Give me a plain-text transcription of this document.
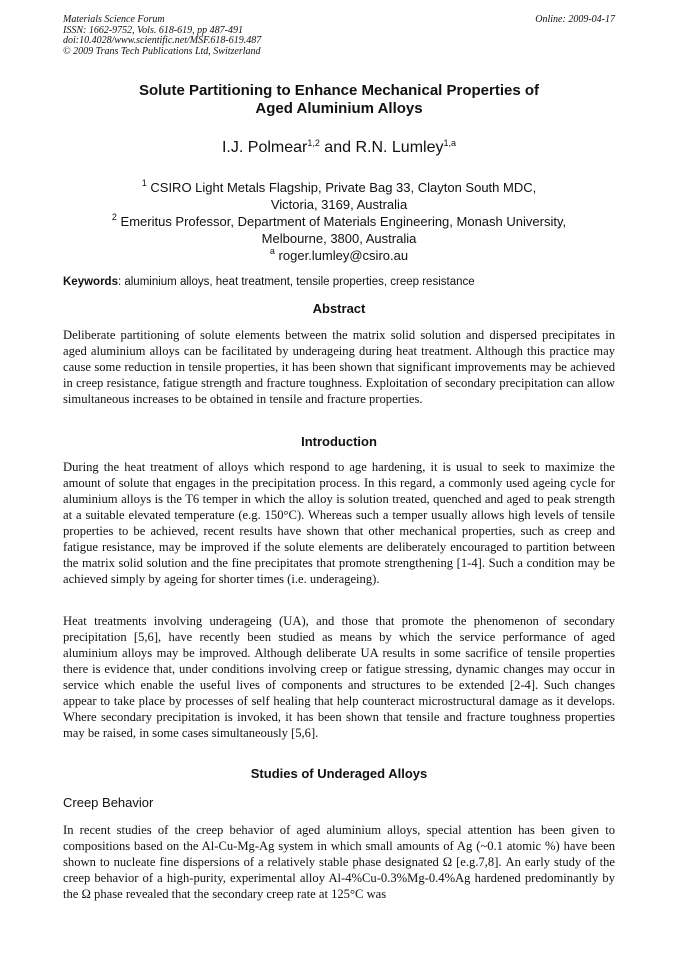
Materials Science Forum	Online: 2009-04-17
ISSN: 1662-9752, Vols. 618-619, pp 487-491
doi:10.4028/www.scientific.net/MSF.618-619.487
© 2009 Trans Tech Publications Ltd, Switzerland
Solute Partitioning to Enhance Mechanical Properties of
Aged Aluminium Alloys
I.J. Polmear$^{1,2}$ and R.N. Lumley$^{1,a}$
$^1$ CSIRO Light Metals Flagship, Private Bag 33, Clayton South MDC,
Victoria, 3169, Australia
$^2$ Emeritus Professor, Department of Materials Engineering, Monash University,
Melbourne, 3800, Australia
$^a$ roger.lumley@csiro.au
Keywords: aluminium alloys, heat treatment, tensile properties, creep resistance
Abstract
Deliberate partitioning of solute elements between the matrix solid solution and dispersed precipitates in aged aluminium alloys can be facilitated by underageing during heat treatment. Although this practice may cause some reduction in tensile properties, it has been shown that significant improvements may be achieved in creep resistance, fatigue strength and fracture toughness. Exploitation of secondary precipitation can allow simultaneous increases to be obtained in tensile and fracture properties.
Introduction
During the heat treatment of alloys which respond to age hardening, it is usual to seek to maximize the amount of solute that engages in the precipitation process. In this regard, a commonly used ageing cycle for aluminium alloys is the T6 temper in which the alloy is solution treated, quenched and aged to peak strength at a suitable elevated temperature (e.g. 150°C). Whereas such a temper usually allows high levels of tensile properties to be achieved, recent results have shown that other mechanical properties, such as creep and fatigue resistance, may be improved if the solute elements are deliberately encouraged to partition between the matrix solid solution and the fine precipitates that promote strengthening [1-4]. Such a condition may be achieved simply by ageing for shorter times (i.e. underageing).
Heat treatments involving underageing (UA), and those that promote the phenomenon of secondary precipitation [5,6], have recently been studied as means by which the service performance of aged aluminium alloys may be improved. Although deliberate UA results in some sacrifice of tensile properties there is evidence that, under conditions involving creep or fatigue stressing, dynamic changes may occur in service which enable the useful lives of components and structures to be extended [2-4]. Such changes appear to take place by processes of self healing that help counteract microstructural damage as it develops. Where secondary precipitation is invoked, it has been shown that tensile and fracture toughness properties may be raised, in some cases simultaneously [5,6].
Studies of Underaged Alloys
Creep Behavior
In recent studies of the creep behavior of aged aluminium alloys, special attention has been given to compositions based on the Al-Cu-Mg-Ag system in which small amounts of Ag (~0.1 atomic %) have been shown to nucleate fine dispersions of a relatively stable phase designated Ω [e.g.7,8]. An early study of the creep behavior of a high-purity, experimental alloy Al-4%Cu-0.3%Mg-0.4%Ag hardened predominantly by the Ω phase revealed that the secondary creep rate at 125°C was
